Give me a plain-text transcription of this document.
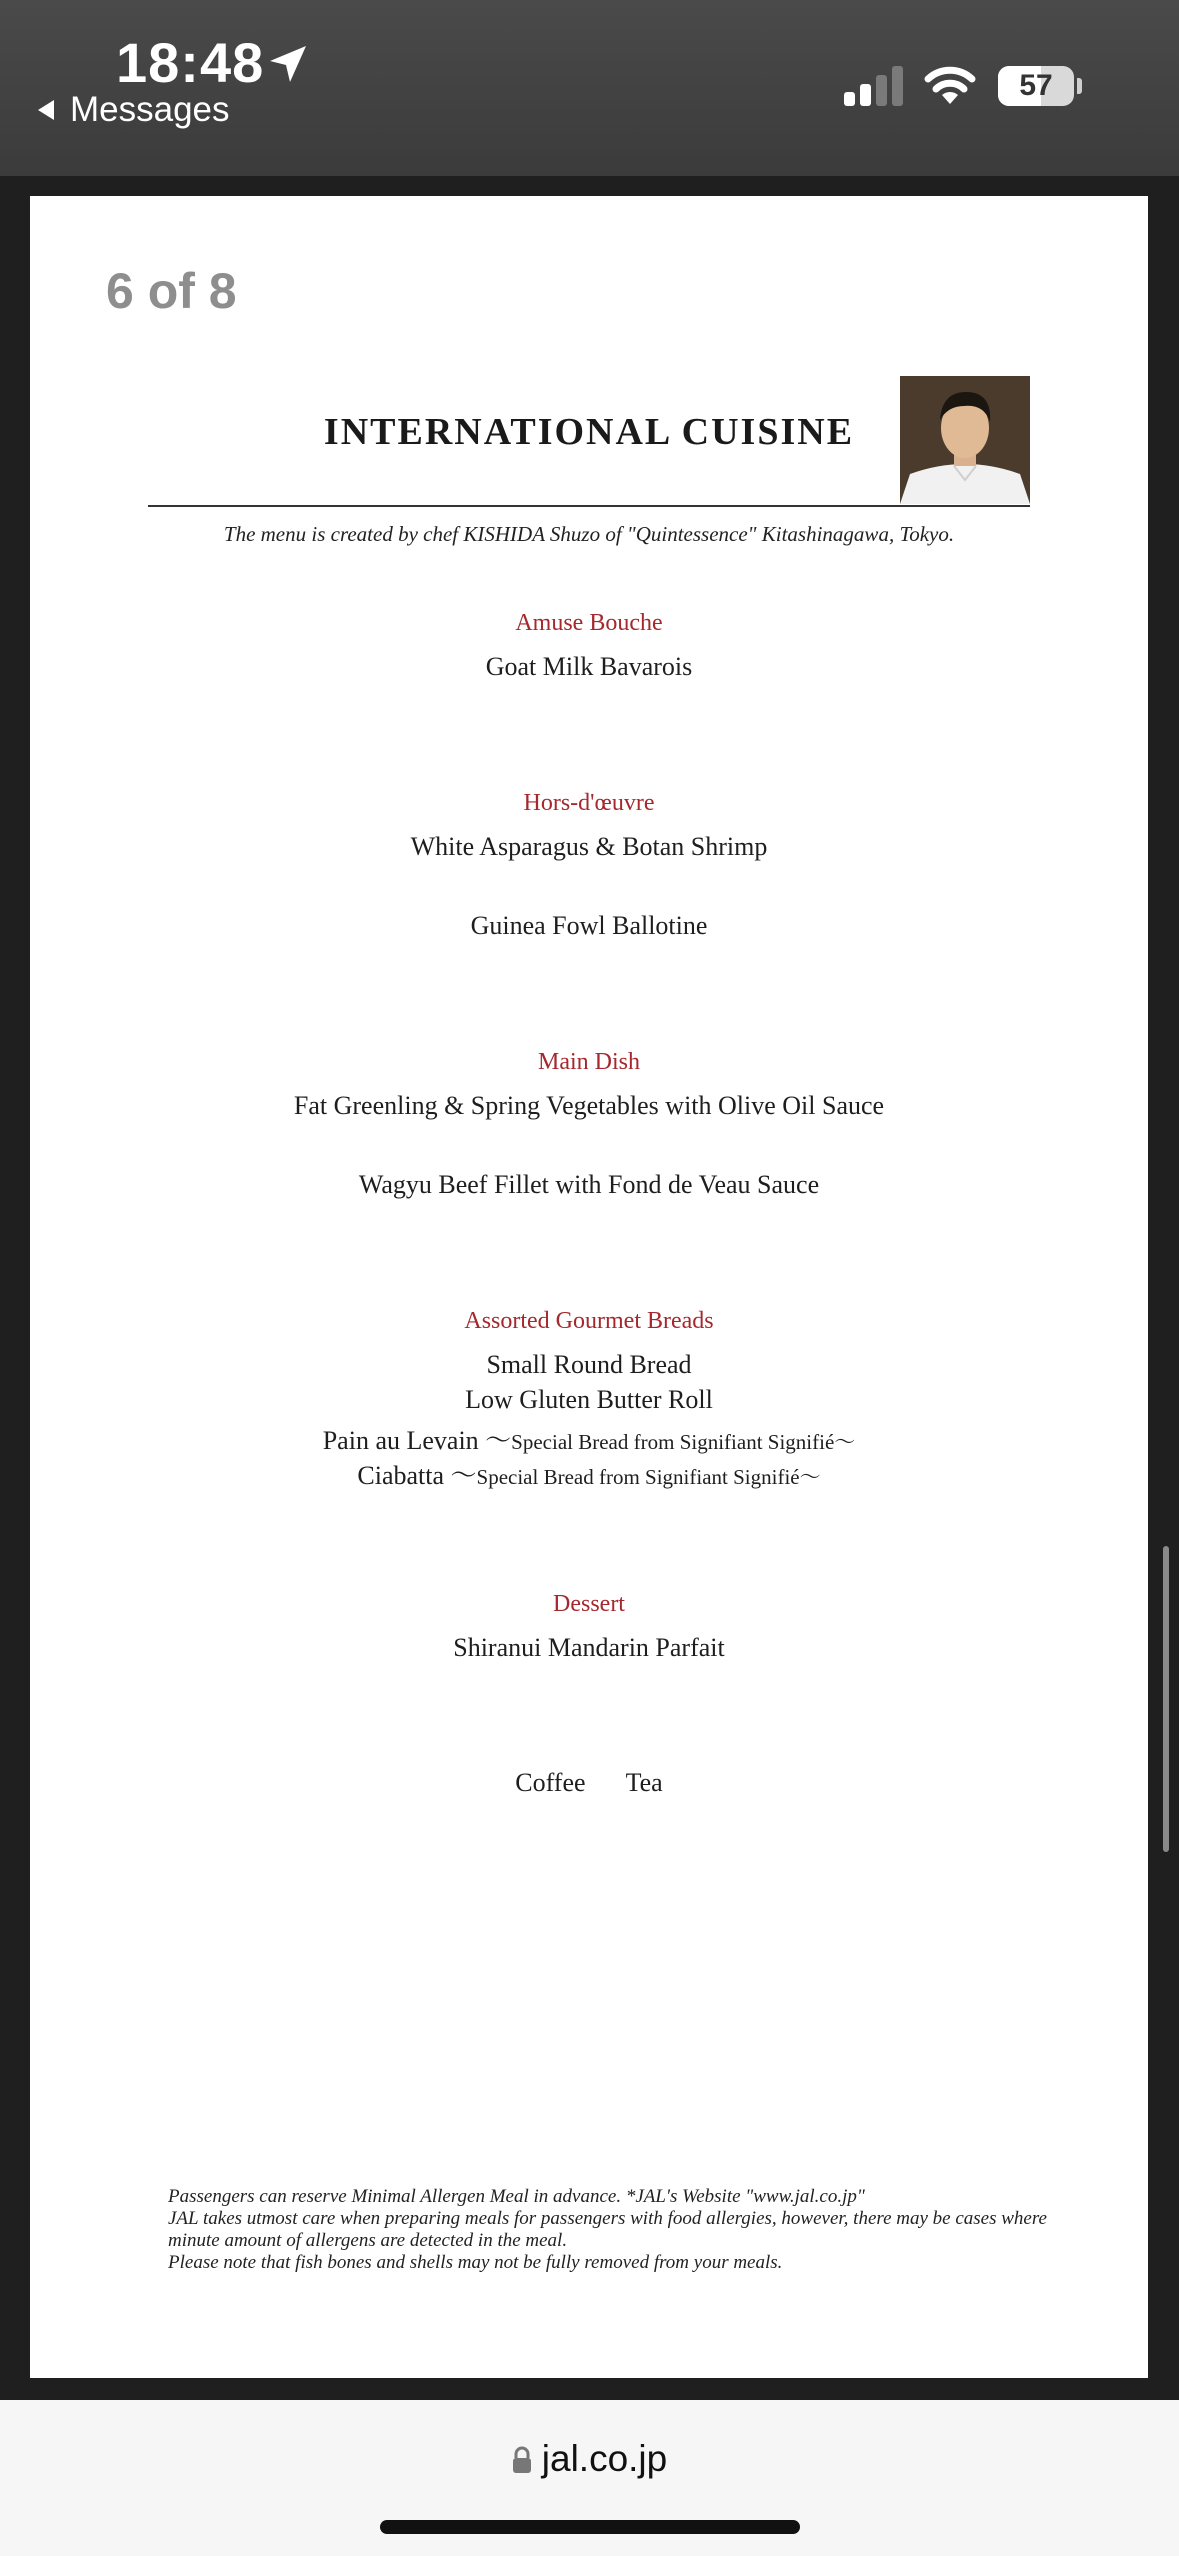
18:48
Messages
57
6 of 8
INTERNATIONAL CUISINE
The menu is created by chef KISHIDA Shuzo of "Quintessence" Kitashinagawa, Tokyo.
Amuse Bouche
Goat Milk Bavarois
Hors-d'œuvre
White Asparagus & Botan Shrimp
Guinea Fowl Ballotine
Main Dish
Fat Greenling & Spring Vegetables with Olive Oil Sauce
Wagyu Beef Fillet with Fond de Veau Sauce
Assorted Gourmet Breads
Small Round Bread
Low Gluten Butter Roll
Pain au Levain ～Special Bread from Signifiant Signifié～
Ciabatta ～Special Bread from Signifiant Signifié～
Dessert
Shiranui Mandarin Parfait
Coffee Tea
Passengers can reserve Minimal Allergen Meal in advance. *JAL's Website "www.jal.co.jp"
JAL takes utmost care when preparing meals for passengers with food allergies, however, there may be cases where minute amount of allergens are detected in the meal.
Please note that fish bones and shells may not be fully removed from your meals.
jal.co.jp
